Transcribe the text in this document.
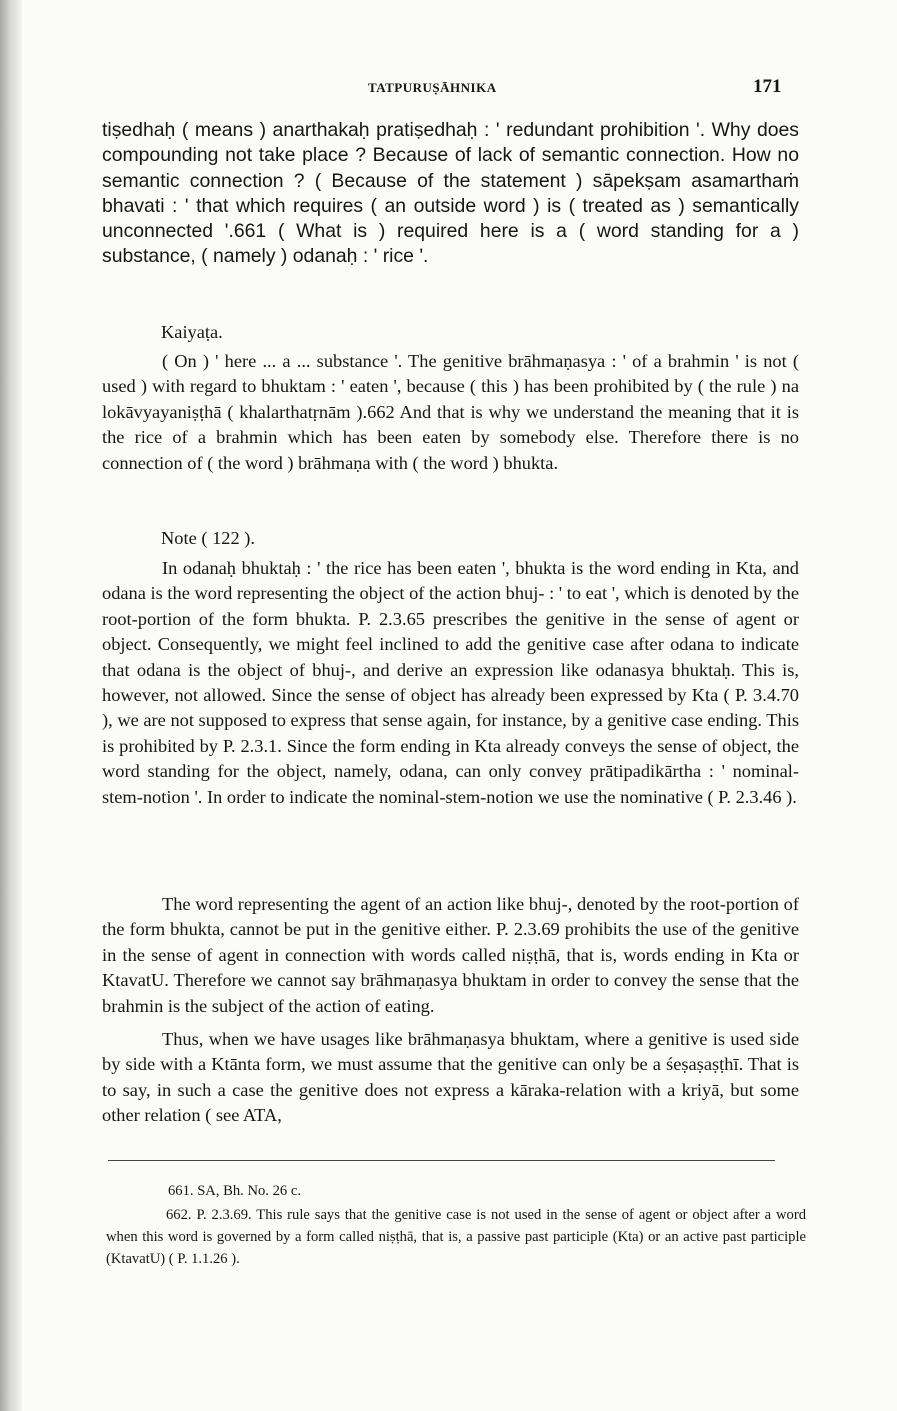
TATPURUṢĀHNIKA	171

tiṣedhaḥ ( means ) anarthakaḥ pratiṣedhaḥ : ' redundant prohibition '. Why does compounding not take place ? Because of lack of semantic connection. How no semantic connection ? ( Because of the statement ) sāpekṣam asamarthaṁ bhavati : ' that which requires ( an outside word ) is ( treated as ) semantically unconnected '.661 ( What is ) required here is a ( word standing for a ) substance, ( namely ) odanaḥ : ' rice '.

Kaiyaṭa.

( On ) ' here ... a ... substance '. The genitive brāhmaṇasya : ' of a brahmin ' is not ( used ) with regard to bhuktam : ' eaten ', because ( this ) has been prohibited by ( the rule ) na lokāvyayaniṣṭhā ( khalarthatṛnām ).662 And that is why we understand the meaning that it is the rice of a brahmin which has been eaten by somebody else. Therefore there is no connection of ( the word ) brāhmaṇa with ( the word ) bhukta.

Note ( 122 ).

In odanaḥ bhuktaḥ : ' the rice has been eaten ', bhukta is the word ending in Kta, and odana is the word representing the object of the action bhuj- : ' to eat ', which is denoted by the root-portion of the form bhukta. P. 2.3.65 prescribes the genitive in the sense of agent or object. Consequently, we might feel inclined to add the genitive case after odana to indicate that odana is the object of bhuj-, and derive an expression like odanasya bhuktaḥ. This is, however, not allowed. Since the sense of object has already been expressed by Kta ( P. 3.4.70 ), we are not supposed to express that sense again, for instance, by a genitive case ending. This is prohibited by P. 2.3.1. Since the form ending in Kta already conveys the sense of object, the word standing for the object, namely, odana, can only convey prātipadikārtha : ' nominal-stem-notion '. In order to indicate the nominal-stem-notion we use the nominative ( P. 2.3.46 ).

The word representing the agent of an action like bhuj-, denoted by the root-portion of the form bhukta, cannot be put in the genitive either. P. 2.3.69 prohibits the use of the genitive in the sense of agent in connection with words called niṣṭhā, that is, words ending in Kta or KtavatU. Therefore we cannot say brāhmaṇasya bhuktam in order to convey the sense that the brahmin is the subject of the action of eating.

Thus, when we have usages like brāhmaṇasya bhuktam, where a genitive is used side by side with a Ktānta form, we must assume that the genitive can only be a śeṣaṣaṣṭhī. That is to say, in such a case the genitive does not express a kāraka-relation with a kriyā, but some other relation ( see ATA,

661. SA, Bh. No. 26 c.

662. P. 2.3.69. This rule says that the genitive case is not used in the sense of agent or object after a word when this word is governed by a form called niṣṭhā, that is, a passive past participle (Kta) or an active past participle (KtavatU) ( P. 1.1.26 ).
